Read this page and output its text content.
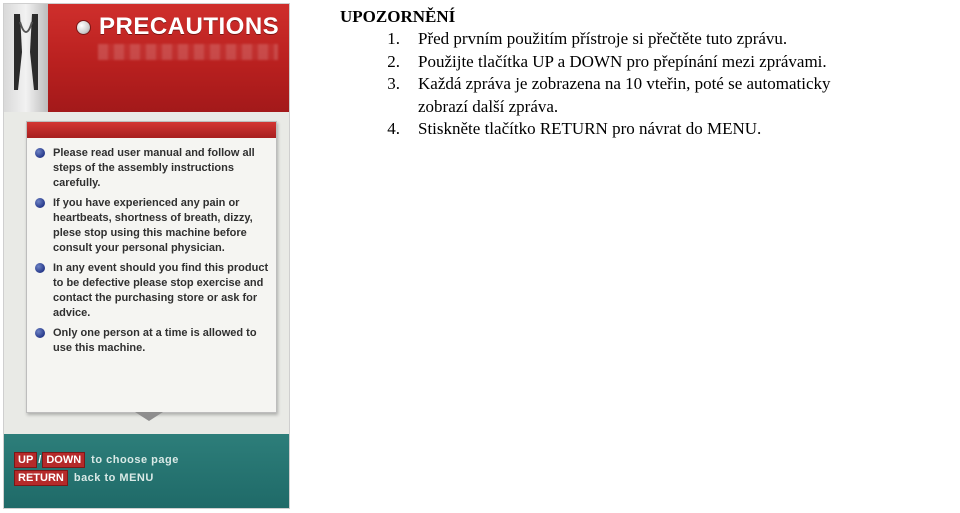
PRECAUTIONS
Please read user manual and follow all steps of the assembly instructions carefully.
If you have experienced any pain or heartbeats, shortness of breath, dizzy, plese stop using this machine before consult your personal physician.
In any event should you find this product to be defective please stop exercise and contact the purchasing store or ask for advice.
Only one person at a time is allowed to use this machine.
UP / DOWN to choose page
RETURN back to MENU

UPOZORNĚNÍ

1.	Před prvním použitím přístroje si přečtěte tuto zprávu.
2.	Použijte tlačítka UP a DOWN pro přepínání mezi zprávami.
3.	Každá zpráva je zobrazena na 10 vteřin, poté se automaticky
zobrazí další zpráva.
4.	Stiskněte tlačítko RETURN pro návrat do MENU.
